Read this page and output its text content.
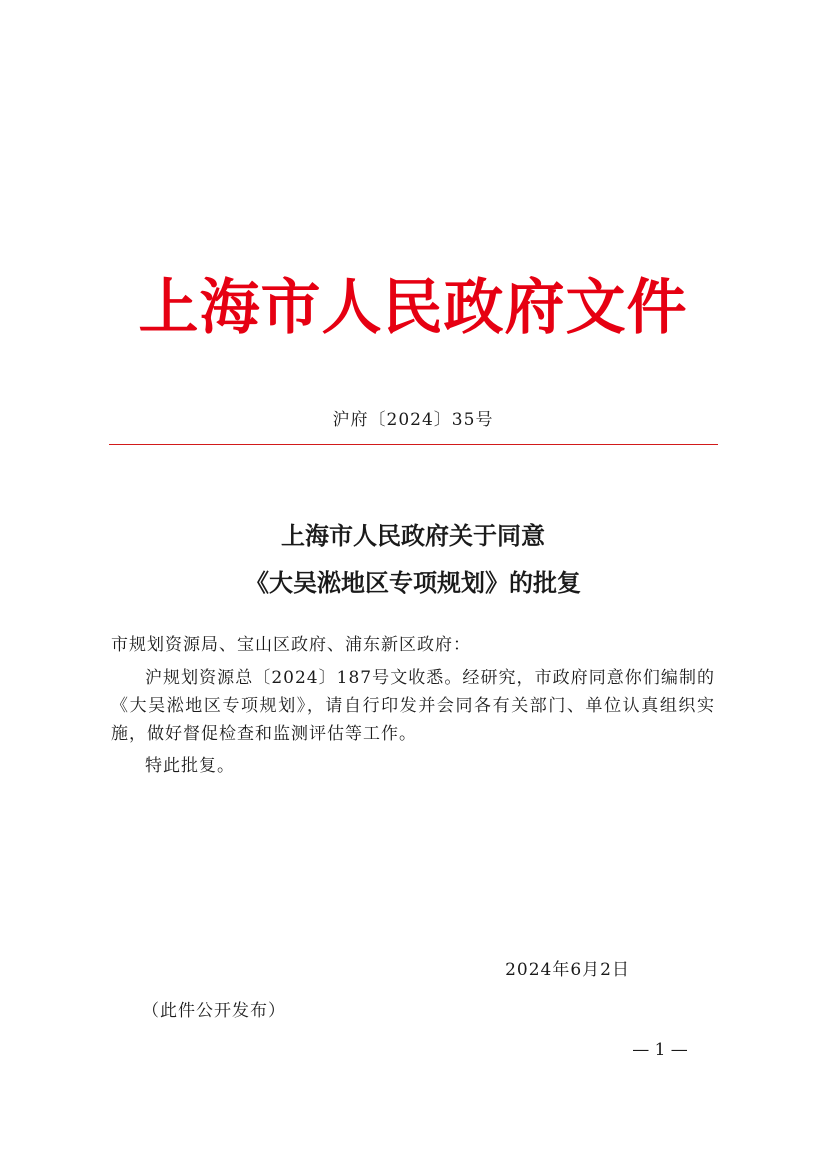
上海市人民政府文件
沪府〔2024〕35号
上海市人民政府关于同意
《大吴淞地区专项规划》的批复
市规划资源局、宝山区政府、浦东新区政府：
沪规划资源总〔2024〕187号文收悉。经研究，市政府同意你们编制的《大吴淞地区专项规划》，请自行印发并会同各有关部门、单位认真组织实施，做好督促检查和监测评估等工作。
特此批复。
2024年6月2日
（此件公开发布）
— 1 —
